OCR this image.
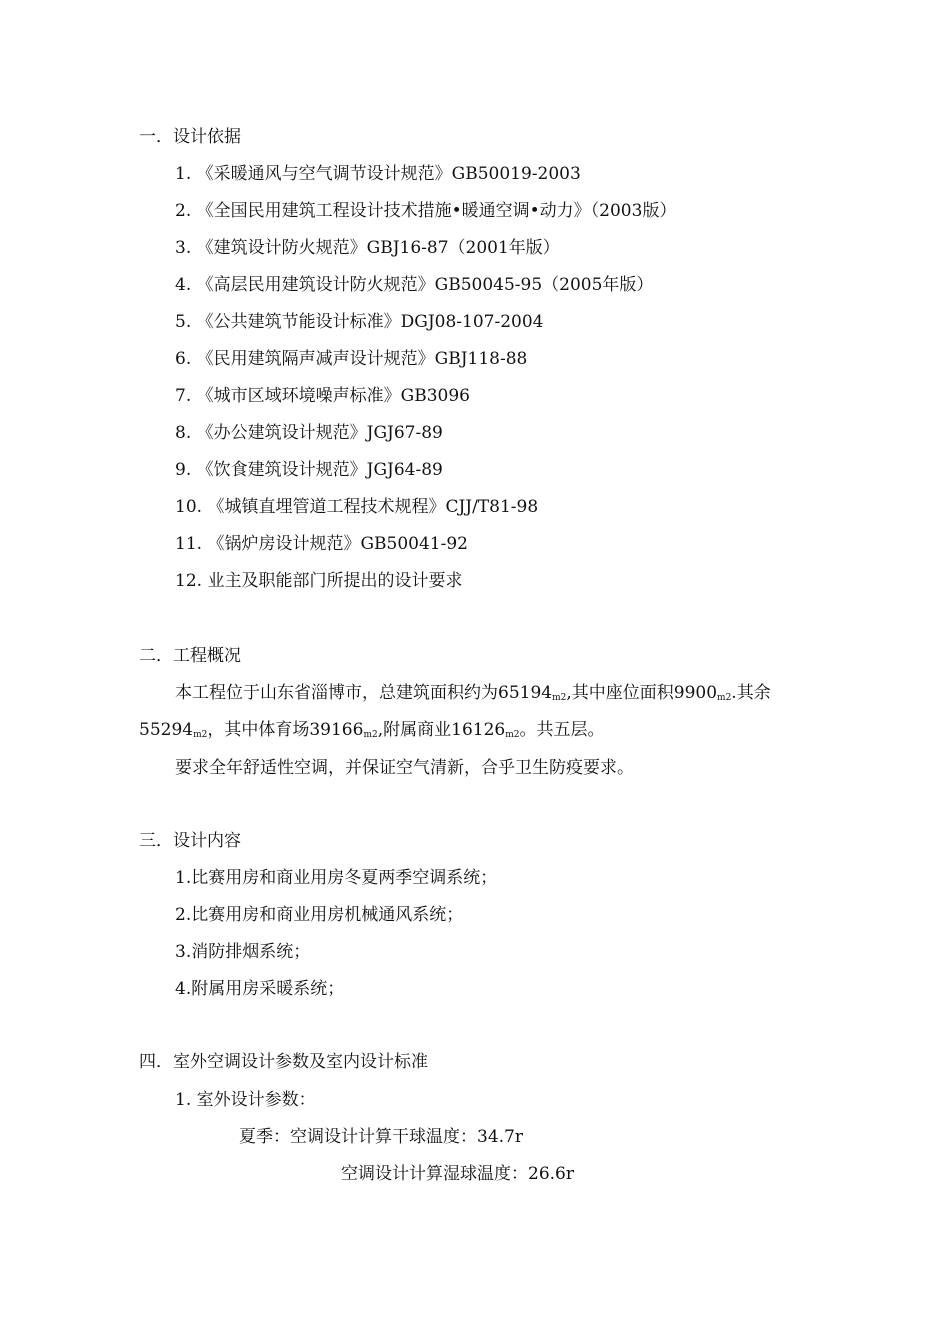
一．设计依据
1. 《采暖通风与空气调节设计规范》GB50019-2003
2. 《全国民用建筑工程设计技术措施•暖通空调•动力》（2003版）
3. 《建筑设计防火规范》GBJ16-87（2001年版）
4. 《高层民用建筑设计防火规范》GB50045-95（2005年版）
5. 《公共建筑节能设计标准》DGJ08-107-2004
6. 《民用建筑隔声减声设计规范》GBJ118-88
7. 《城市区域环境噪声标准》GB3096
8. 《办公建筑设计规范》JGJ67-89
9. 《饮食建筑设计规范》JGJ64-89
10. 《城镇直埋管道工程技术规程》CJJ/T81-98
11. 《锅炉房设计规范》GB50041-92
12. 业主及职能部门所提出的设计要求
二．工程概况
本工程位于山东省淄博市，总建筑面积约为65194m2,其中座位面积9900m2.其余
55294m2，其中体育场39166m2,附属商业16126m2。共五层。
要求全年舒适性空调，并保证空气清新，合乎卫生防疫要求。
三．设计内容
1.比赛用房和商业用房冬夏两季空调系统；
2.比赛用房和商业用房机械通风系统；
3.消防排烟系统；
4.附属用房采暖系统；
四．室外空调设计参数及室内设计标准
1. 室外设计参数：
夏季：空调设计计算干球温度：34.7r
空调设计计算湿球温度：26.6r
